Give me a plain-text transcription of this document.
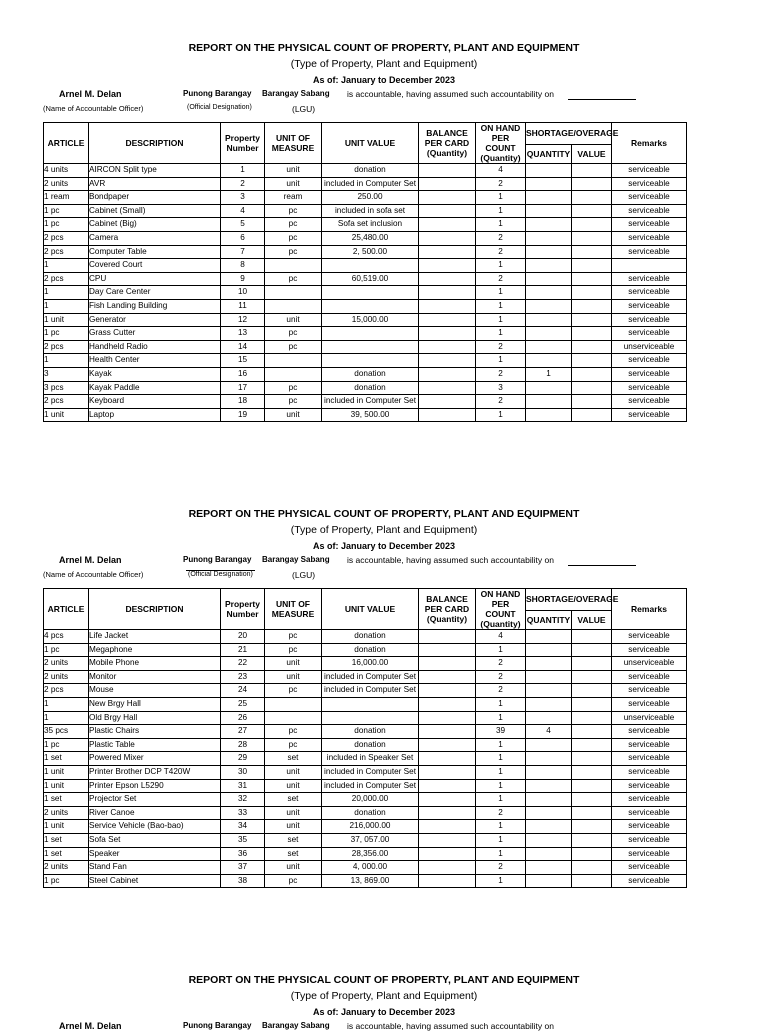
REPORT ON THE PHYSICAL COUNT OF PROPERTY, PLANT AND EQUIPMENT
(Type of Property, Plant and Equipment)
As of: January to December 2023
Arnel M. Delan
(Name of Accountable Officer)
Punong Barangay
(Official Designation)
Barangay Sabang
(LGU)
is accountable, having assumed such accountability on
ARTICLE	DESCRIPTION	Property Number	UNIT OF MEASURE	UNIT VALUE	BALANCE PER CARD (Quantity)	ON HAND PER COUNT (Quantity)	SHORTAGE/OVERAGE		Remarks
							QUANTITY	VALUE	
4 units	AIRCON Split type	1	unit	donation		4			serviceable
2 units	AVR	2	unit	included in Computer Set		2			serviceable
1 ream	Bondpaper	3	ream	250.00		1			serviceable
1 pc	Cabinet (Small)	4	pc	included in sofa set		1			serviceable
1 pc	Cabinet (Big)	5	pc	Sofa set inclusion		1			serviceable
2 pcs	Camera	6	pc	25,480.00		2			serviceable
2 pcs	Computer Table	7	pc	2, 500.00		2			serviceable
1	Covered Court	8				1			
2 pcs	CPU	9	pc	60,519.00		2			serviceable
1	Day Care Center	10				1			serviceable
1	Fish Landing Building	11				1			serviceable
1 unit	Generator	12	unit	15,000.00		1			serviceable
1 pc	Grass Cutter	13	pc			1			serviceable
2 pcs	Handheld Radio	14	pc			2			unserviceable
1	Health Center	15				1			serviceable
3	Kayak	16		donation		2	1		serviceable
3 pcs	Kayak Paddle	17	pc	donation		3			serviceable
2 pcs	Keyboard	18	pc	included in Computer Set		2			serviceable
1 unit	Laptop	19	unit	39, 500.00		1			serviceable
REPORT ON THE PHYSICAL COUNT OF PROPERTY, PLANT AND EQUIPMENT
(Type of Property, Plant and Equipment)
As of: January to December 2023
Arnel M. Delan
(Name of Accountable Officer)
Punong Barangay
(Official Designation)
Barangay Sabang
(LGU)
is accountable, having assumed such accountability on
ARTICLE	DESCRIPTION	Property Number	UNIT OF MEASURE	UNIT VALUE	BALANCE PER CARD (Quantity)	ON HAND PER COUNT (Quantity)	SHORTAGE/OVERAGE		Remarks
							QUANTITY	VALUE	
4 pcs	Life Jacket	20	pc	donation		4			serviceable
1 pc	Megaphone	21	pc	donation		1			serviceable
2 units	Mobile Phone	22	unit	16,000.00		2			unserviceable
2 units	Monitor	23	unit	included in Computer Set		2			serviceable
2 pcs	Mouse	24	pc	included in Computer Set		2			serviceable
1	New Brgy Hall	25				1			serviceable
1	Old Brgy Hall	26				1			unserviceable
35 pcs	Plastic Chairs	27	pc	donation		39	4		serviceable
1 pc	Plastic Table	28	pc	donation		1			serviceable
1 set	Powered Mixer	29	set	included in Speaker Set		1			serviceable
1 unit	Printer Brother DCP T420W	30	unit	included in Computer Set		1			serviceable
1 unit	Printer Epson L5290	31	unit	included in Computer Set		1			serviceable
1 set	Projector Set	32	set	20,000.00		1			serviceable
2 units	River Canoe	33	unit	donation		2			serviceable
1 unit	Service Vehicle (Bao-bao)	34	unit	216,000.00		1			serviceable
1 set	Sofa Set	35	set	37, 057.00		1			serviceable
1 set	Speaker	36	set	28,356.00		1			serviceable
2 units	Stand Fan	37	unit	4, 000.00		2			serviceable
1 pc	Steel Cabinet	38	pc	13, 869.00		1			serviceable
REPORT ON THE PHYSICAL COUNT OF PROPERTY, PLANT AND EQUIPMENT
(Type of Property, Plant and Equipment)
As of: January to December 2023
Arnel M. Delan	Punong Barangay Barangay Sabang is accountable, having assumed such accountability on
